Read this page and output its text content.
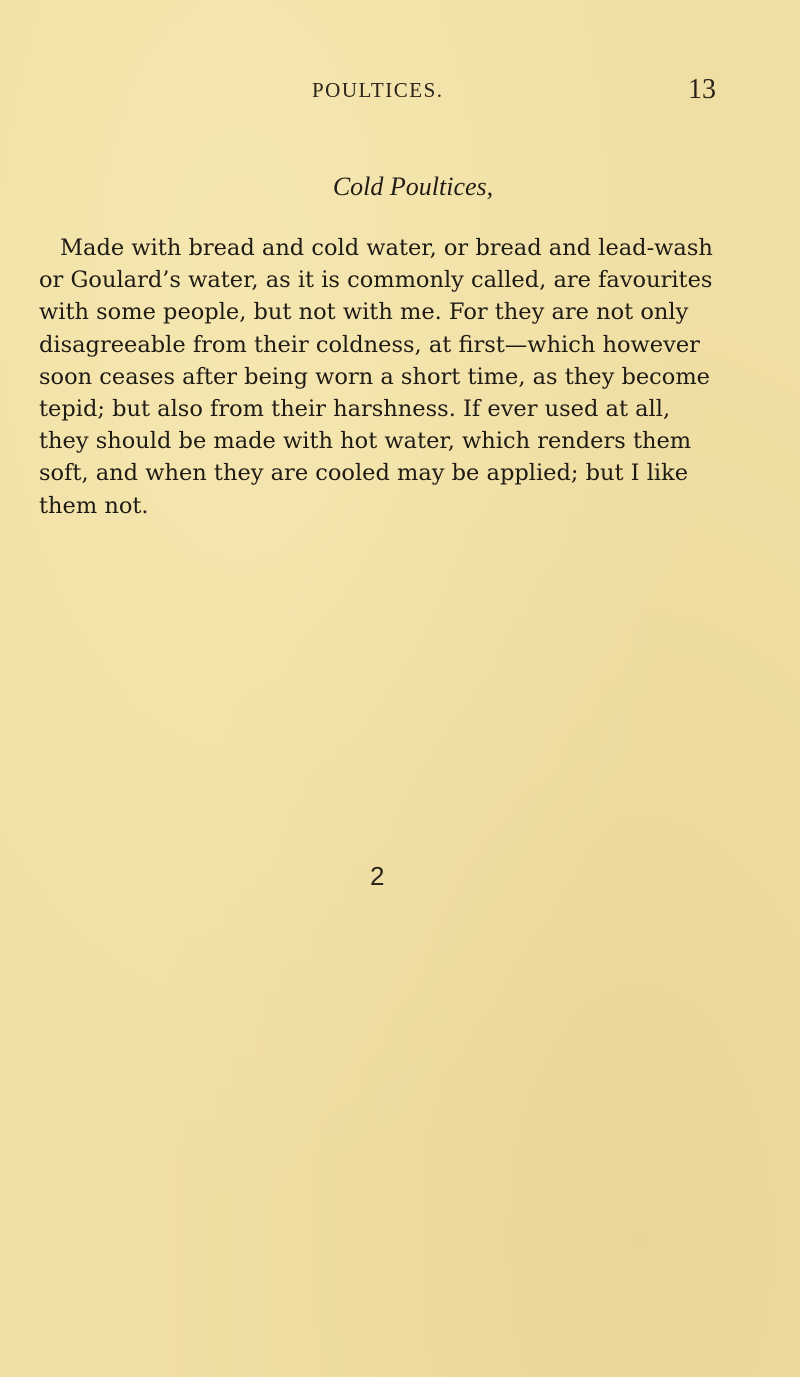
POULTICES.	13
Cold Poultices,
Made with bread and cold water, or bread and lead-wash
or Goulard’s water, as it is commonly called, are favourites
with some people, but not with me. For they are not only
disagreeable from their coldness, at first—which however
soon ceases after being worn a short time, as they become
tepid; but also from their harshness. If ever used at all,
they should be made with hot water, which renders them
soft, and when they are cooled may be applied; but I like
them not.
2
